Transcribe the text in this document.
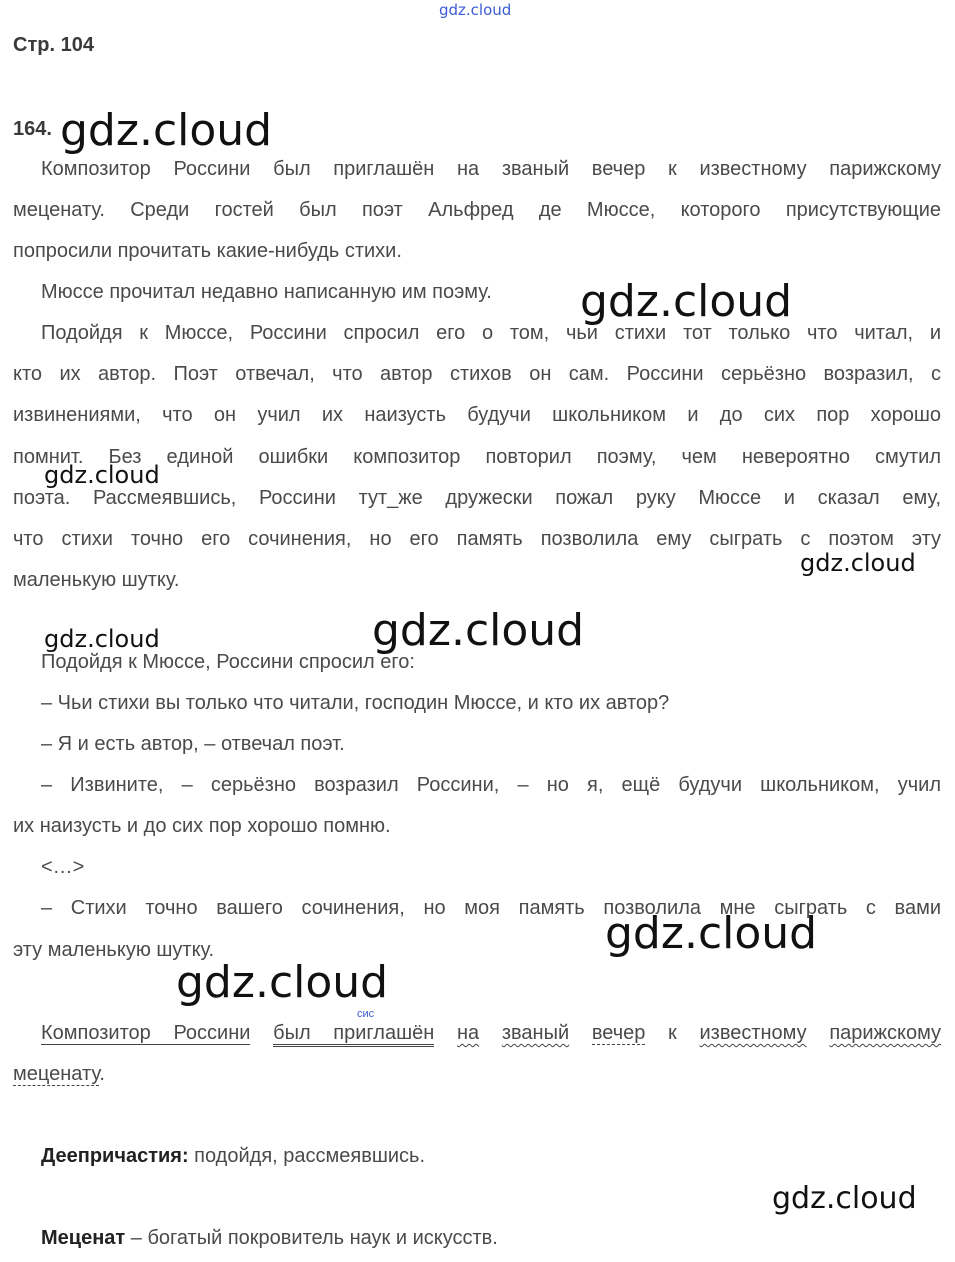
gdz.cloud
Стр. 104
164. gdz.cloud
Композитор Россини был приглашён на званый вечер к известному парижскому
меценату. Среди гостей был поэт Альфред де Мюссе, которого присутствующие
попросили прочитать какие-нибудь стихи.
Мюссе прочитал недавно написанную им поэму.	gdz.cloud
Подойдя к Мюссе, Россини спросил его о том, чьи стихи тот только что читал, и
кто их автор. Поэт отвечал, что автор стихов он сам. Россини серьёзно возразил, с
извинениями, что он учил их наизусть будучи школьником и до сих пор хорошо
помнит. Без единой ошибки композитор повторил поэму, чем невероятно смутил
gdz.cloud
поэта. Рассмеявшись, Россини тут_же дружески пожал руку Мюссе и сказал ему,
что стихи точно его сочинения, но его память позволила ему сыграть с поэтом эту
маленькую шутку.
gdz.cloud
gdz.cloud	gdz.cloud
Подойдя к Мюссе, Россини спросил его:
– Чьи стихи вы только что читали, господин Мюссе, и кто их автор?
– Я и есть автор, – отвечал поэт.
– Извините, – серьёзно возразил Россини, – но я, ещё будучи школьником, учил
их наизусть и до сих пор хорошо помню.
<…>
– Стихи точно вашего сочинения, но моя память позволила мне сыграть с вами
эту маленькую шутку.	gdz.cloud
gdz.cloud
сис
Композитор Россини был приглашён на званый вечер к известному парижскому
меценату.
Деепричастия: подойдя, рассмеявшись.
gdz.cloud
Меценат – богатый покровитель наук и искусств.
